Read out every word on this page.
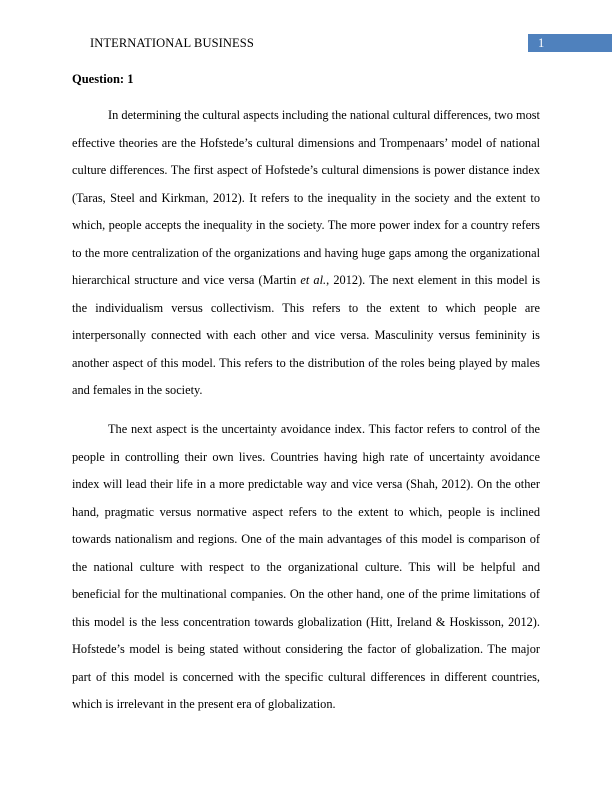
INTERNATIONAL BUSINESS	1
Question: 1

In determining the cultural aspects including the national cultural differences, two most effective theories are the Hofstede’s cultural dimensions and Trompenaars’ model of national culture differences. The first aspect of Hofstede’s cultural dimensions is power distance index (Taras, Steel and Kirkman, 2012). It refers to the inequality in the society and the extent to which, people accepts the inequality in the society. The more power index for a country refers to the more centralization of the organizations and having huge gaps among the organizational hierarchical structure and vice versa (Martin et al., 2012). The next element in this model is the individualism versus collectivism. This refers to the extent to which people are interpersonally connected with each other and vice versa. Masculinity versus femininity is another aspect of this model. This refers to the distribution of the roles being played by males and females in the society.

The next aspect is the uncertainty avoidance index. This factor refers to control of the people in controlling their own lives. Countries having high rate of uncertainty avoidance index will lead their life in a more predictable way and vice versa (Shah, 2012). On the other hand, pragmatic versus normative aspect refers to the extent to which, people is inclined towards nationalism and regions. One of the main advantages of this model is comparison of the national culture with respect to the organizational culture. This will be helpful and beneficial for the multinational companies. On the other hand, one of the prime limitations of this model is the less concentration towards globalization (Hitt, Ireland & Hoskisson, 2012). Hofstede’s model is being stated without considering the factor of globalization. The major part of this model is concerned with the specific cultural differences in different countries, which is irrelevant in the present era of globalization.
